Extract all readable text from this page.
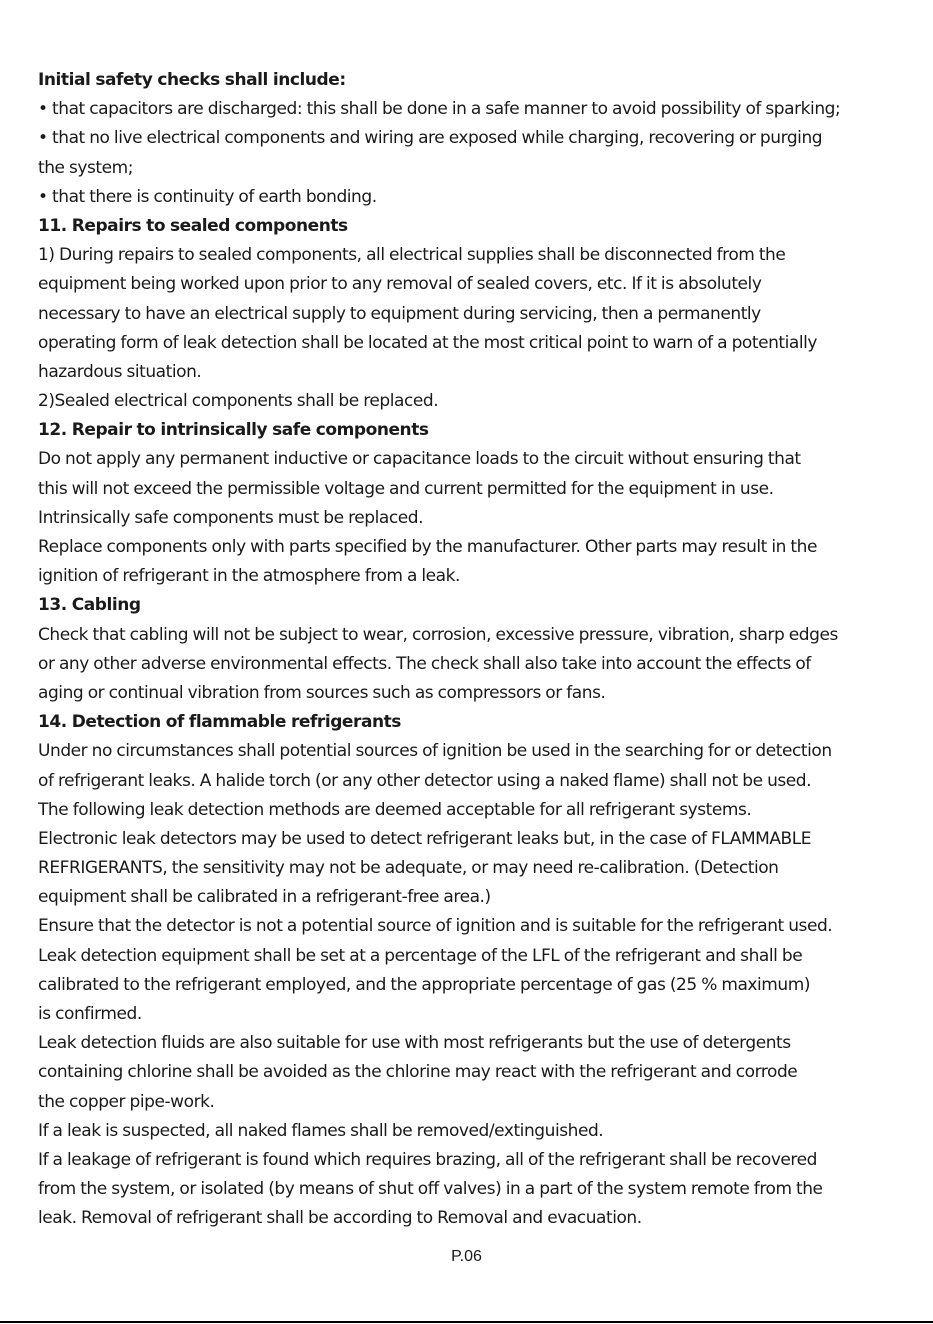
Initial safety checks shall include:
• that capacitors are discharged: this shall be done in a safe manner to avoid possibility of sparking;
• that no live electrical components and wiring are exposed while charging, recovering or purging
the system;
• that there is continuity of earth bonding.
11. Repairs to sealed components
1) During repairs to sealed components, all electrical supplies shall be disconnected from the
equipment being worked upon prior to any removal of sealed covers, etc. If it is absolutely
necessary to have an electrical supply to equipment during servicing, then a permanently
operating form of leak detection shall be located at the most critical point to warn of a potentially
hazardous situation.
2)Sealed electrical components shall be replaced.
12. Repair to intrinsically safe components
Do not apply any permanent inductive or capacitance loads to the circuit without ensuring that
this will not exceed the permissible voltage and current permitted for the equipment in use.
Intrinsically safe components must be replaced.
Replace components only with parts specified by the manufacturer. Other parts may result in the
ignition of refrigerant in the atmosphere from a leak.
13. Cabling
Check that cabling will not be subject to wear, corrosion, excessive pressure, vibration, sharp edges
or any other adverse environmental effects. The check shall also take into account the effects of
aging or continual vibration from sources such as compressors or fans.
14. Detection of flammable refrigerants
Under no circumstances shall potential sources of ignition be used in the searching for or detection
of refrigerant leaks. A halide torch (or any other detector using a naked flame) shall not be used.
The following leak detection methods are deemed acceptable for all refrigerant systems.
Electronic leak detectors may be used to detect refrigerant leaks but, in the case of FLAMMABLE
REFRIGERANTS, the sensitivity may not be adequate, or may need re-calibration. (Detection
equipment shall be calibrated in a refrigerant-free area.)
Ensure that the detector is not a potential source of ignition and is suitable for the refrigerant used.
Leak detection equipment shall be set at a percentage of the LFL of the refrigerant and shall be
calibrated to the refrigerant employed, and the appropriate percentage of gas (25 % maximum)
is confirmed.
Leak detection fluids are also suitable for use with most refrigerants but the use of detergents
containing chlorine shall be avoided as the chlorine may react with the refrigerant and corrode
the copper pipe-work.
If a leak is suspected, all naked flames shall be removed/extinguished.
If a leakage of refrigerant is found which requires brazing, all of the refrigerant shall be recovered
from the system, or isolated (by means of shut off valves) in a part of the system remote from the
leak. Removal of refrigerant shall be according to Removal and evacuation.
P.06
